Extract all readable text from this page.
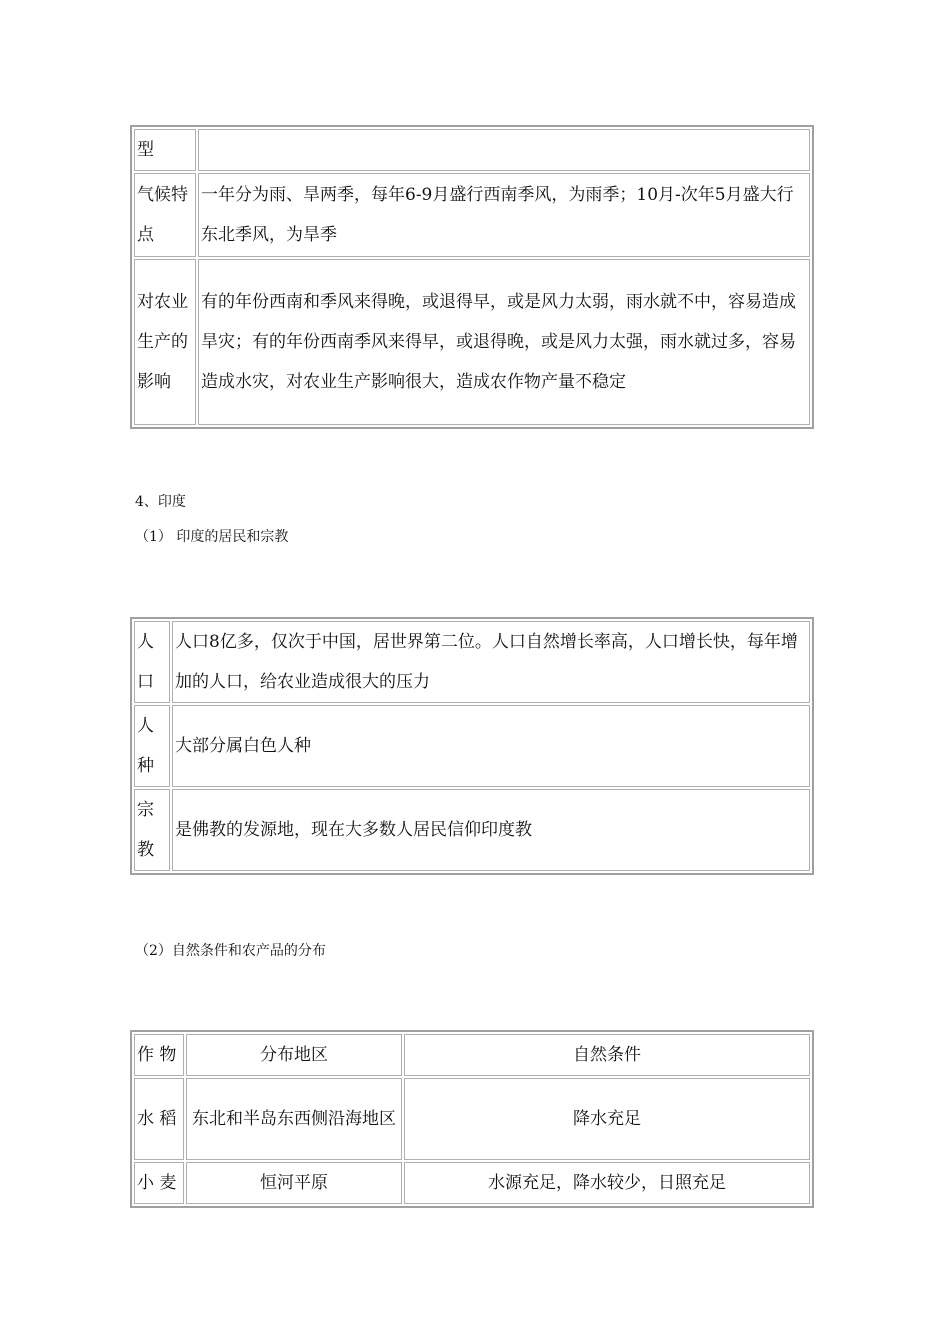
型	
气候特点	一年分为雨、旱两季，每年6-9月盛行西南季风，为雨季；10月-次年5月盛大行东北季风，为旱季
对农业生产的影响	有的年份西南和季风来得晚，或退得早，或是风力太弱，雨水就不中，容易造成旱灾；有的年份西南季风来得早，或退得晚，或是风力太强，雨水就过多，容易造成水灾，对农业生产影响很大，造成农作物产量不稳定
4、印度
（1） 印度的居民和宗教
人口	人口8亿多，仅次于中国，居世界第二位。人口自然增长率高，人口增长快，每年增加的人口，给农业造成很大的压力
人种	大部分属白色人种
宗教	是佛教的发源地，现在大多数人居民信仰印度教
（2）自然条件和农产品的分布
作 物	分布地区	自然条件
水 稻	东北和半岛东西侧沿海地区	降水充足
小 麦	恒河平原	水源充足，降水较少，日照充足
